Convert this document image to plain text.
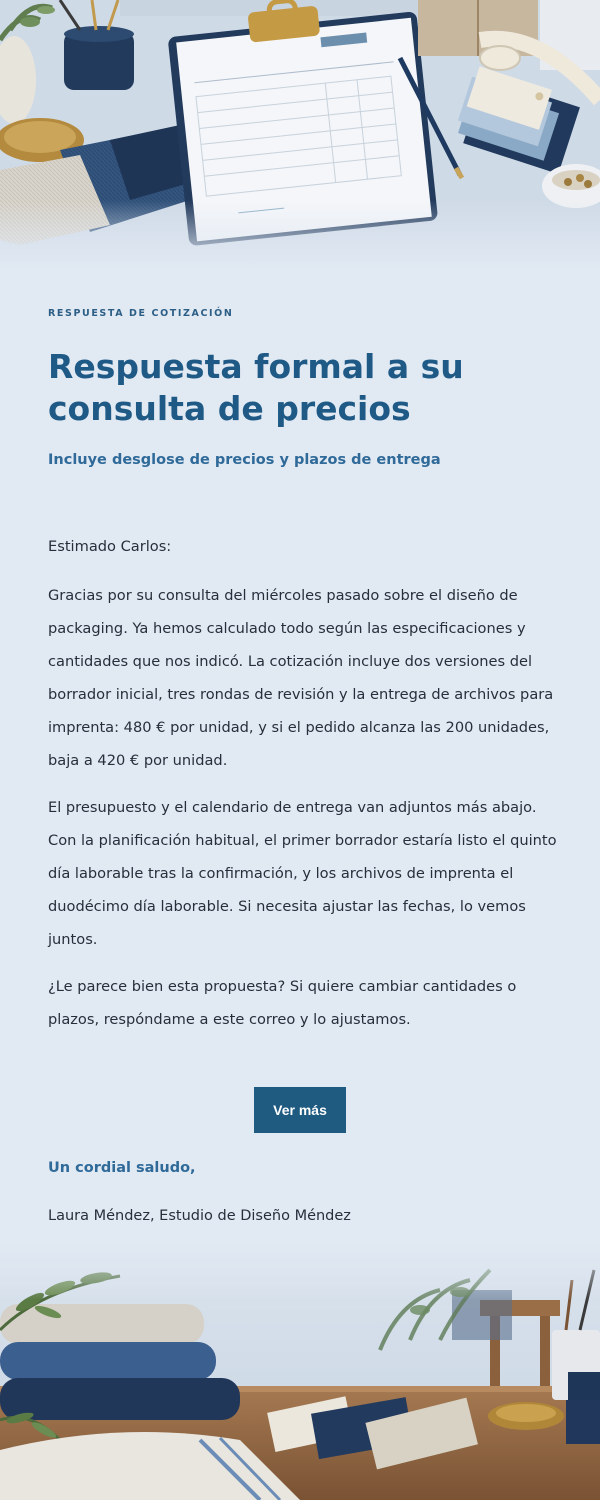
RESPUESTA DE COTIZACIÓN
Respuesta formal a su consulta de precios
Incluye desglose de precios y plazos de entrega

Estimado Carlos:

Gracias por su consulta del miércoles pasado sobre el diseño de packaging. Ya hemos calculado todo según las especificaciones y cantidades que nos indicó. La cotización incluye dos versiones del borrador inicial, tres rondas de revisión y la entrega de archivos para imprenta: 480 € por unidad, y si el pedido alcanza las 200 unidades, baja a 420 € por unidad.

El presupuesto y el calendario de entrega van adjuntos más abajo. Con la planificación habitual, el primer borrador estaría listo el quinto día laborable tras la confirmación, y los archivos de imprenta el duodécimo día laborable. Si necesita ajustar las fechas, lo vemos juntos.

¿Le parece bien esta propuesta? Si quiere cambiar cantidades o plazos, respóndame a este correo y lo ajustamos.

Ver más
Un cordial saludo,
Laura Méndez, Estudio de Diseño Méndez
